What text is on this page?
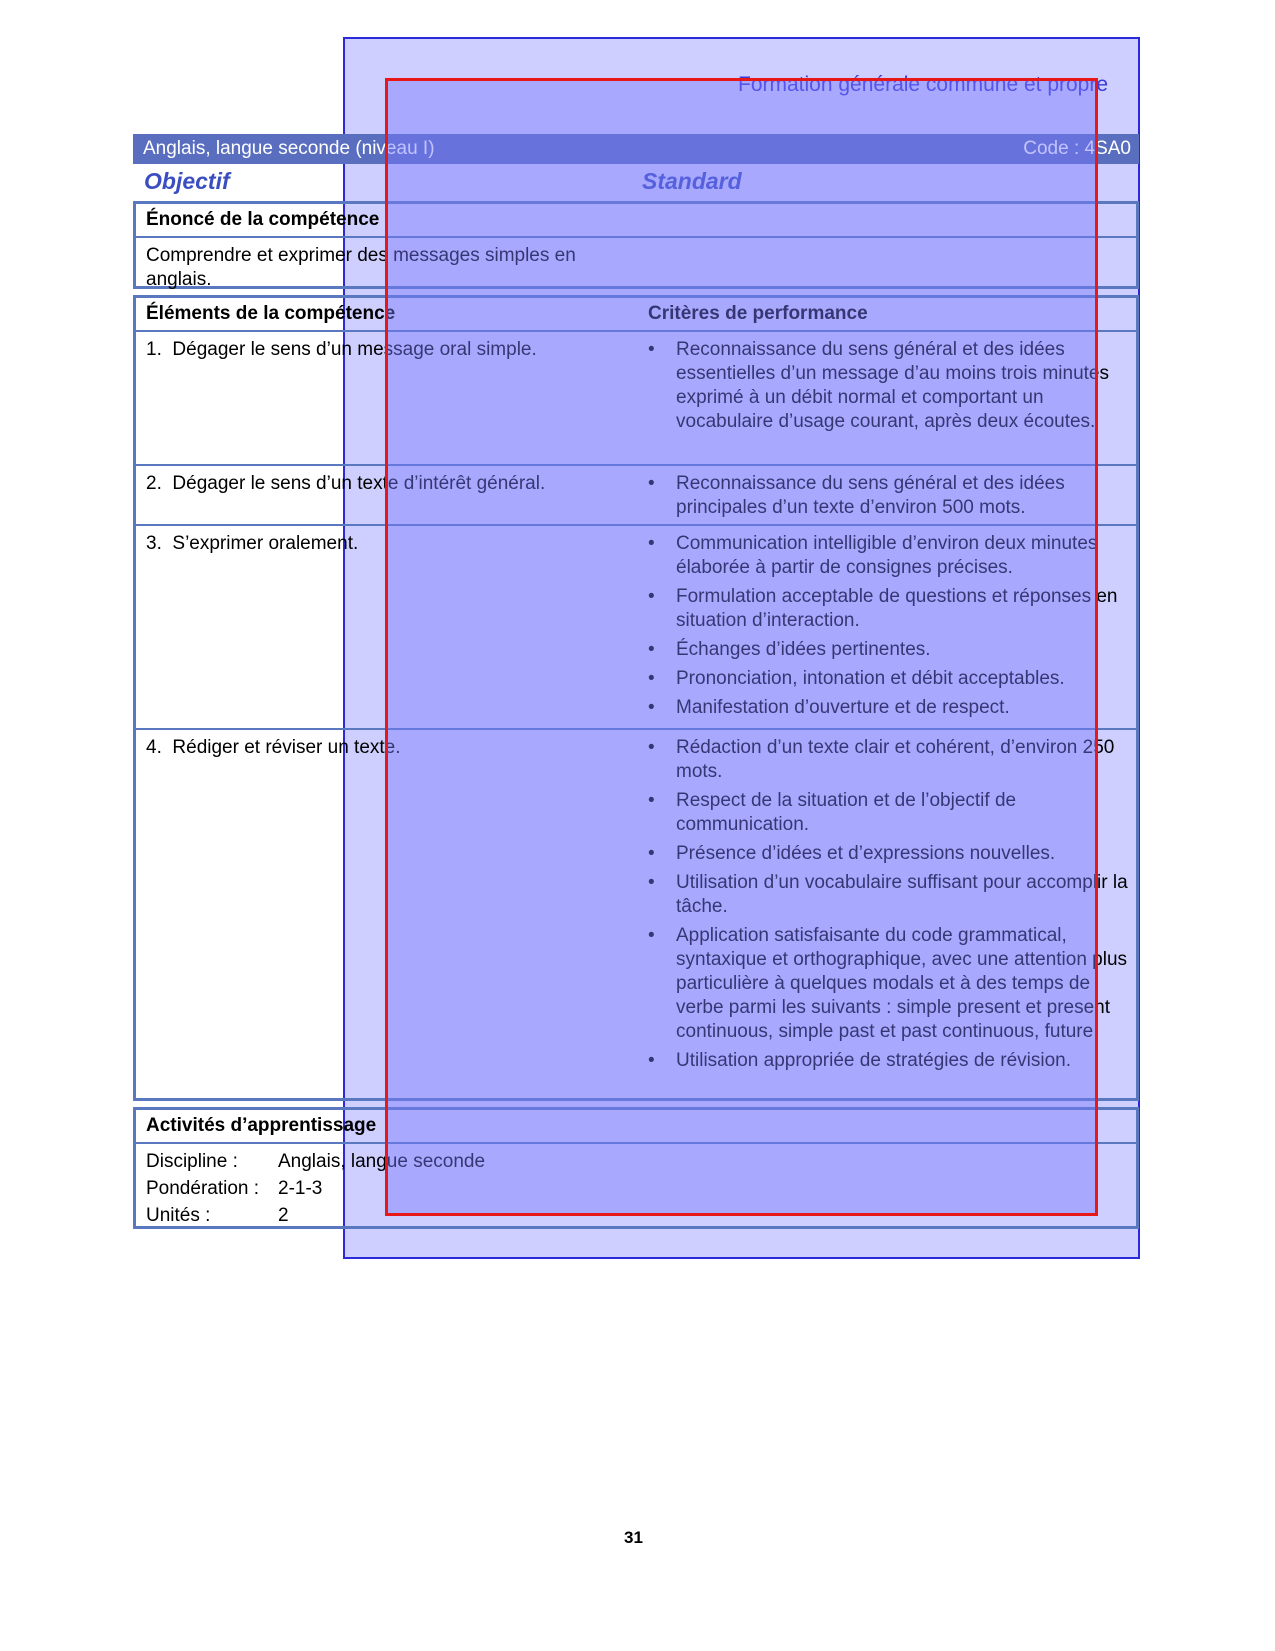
Formation générale commune et propre
Anglais, langue seconde (niveau I)	Code : 4SA0
Objectif	Standard
Énoncé de la compétence
Comprendre et exprimer des messages simples en anglais.
Éléments de la compétence	Critères de performance
1.  Dégager le sens d’un message oral simple.	• Reconnaissance du sens général et des idées essentielles d’un message d’au moins trois minutes exprimé à un débit normal et comportant un vocabulaire d’usage courant, après deux écoutes.
2.  Dégager le sens d’un texte d’intérêt général.	• Reconnaissance du sens général et des idées principales d’un texte d’environ 500 mots.
3.  S’exprimer oralement.	• Communication intelligible d’environ deux minutes élaborée à partir de consignes précises.
• Formulation acceptable de questions et réponses en situation d’interaction.
• Échanges d’idées pertinentes.
• Prononciation, intonation et débit acceptables.
• Manifestation d’ouverture et de respect.
4.  Rédiger et réviser un texte.	• Rédaction d’un texte clair et cohérent, d’environ 250 mots.
• Respect de la situation et de l’objectif de communication.
• Présence d’idées et d’expressions nouvelles.
• Utilisation d’un vocabulaire suffisant pour accomplir la tâche.
• Application satisfaisante du code grammatical, syntaxique et orthographique, avec une attention plus particulière à quelques modals et à des temps de verbe parmi les suivants : simple present et present continuous, simple past et past continuous, future.
• Utilisation appropriée de stratégies de révision.
Activités d’apprentissage
Discipline : Anglais, langue seconde
Pondération : 2-1-3
Unités :	2
31
